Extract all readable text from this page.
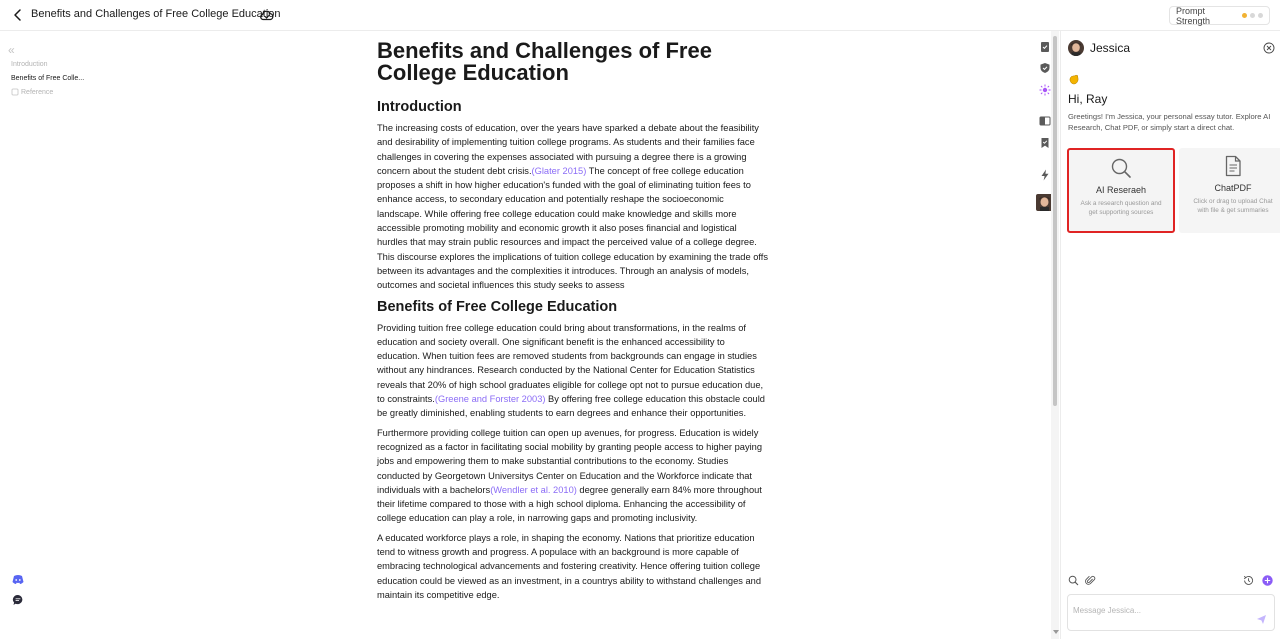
Benefits and Challenges of Free College Education	Prompt Strength
«
Introduction
Benefits of Free Colle...
Reference
Benefits and Challenges of Free College Education
Introduction
The increasing costs of education, over the years have sparked a debate about the feasibility and desirability of implementing tuition college programs. As students and their families face challenges in covering the expenses associated with pursuing a degree there is a growing concern about the student debt crisis.(Glater 2015) The concept of free college education proposes a shift in how higher education's funded with the goal of eliminating tuition fees to enhance access, to secondary education and potentially reshape the socioeconomic landscape. While offering free college education could make knowledge and skills more accessible promoting mobility and economic growth it also poses financial and logistical hurdles that may strain public resources and impact the perceived value of a college degree. This discourse explores the implications of tuition college education by examining the trade offs between its advantages and the complexities it introduces. Through an analysis of models, outcomes and societal influences this study seeks to assess
Benefits of Free College Education
Providing tuition free college education could bring about transformations, in the realms of education and society overall. One significant benefit is the enhanced accessibility to education. When tuition fees are removed students from backgrounds can engage in studies without any hindrances. Research conducted by the National Center for Education Statistics reveals that 20% of high school graduates eligible for college opt not to pursue education due, to constraints.(Greene and Forster 2003) By offering free college education this obstacle could be greatly diminished, enabling students to earn degrees and enhance their opportunities.
Furthermore providing college tuition can open up avenues, for progress. Education is widely recognized as a factor in facilitating social mobility by granting people access to higher paying jobs and empowering them to make substantial contributions to the economy. Studies conducted by Georgetown Universitys Center on Education and the Workforce indicate that individuals with a bachelors(Wendler et al. 2010) degree generally earn 84% more throughout their lifetime compared to those with a high school diploma. Enhancing the accessibility of college education can play a role, in narrowing gaps and promoting inclusivity.
A educated workforce plays a role, in shaping the economy. Nations that prioritize education tend to witness growth and progress. A populace with an background is more capable of embracing technological advancements and fostering creativity. Hence offering tuition college education could be viewed as an investment, in a countrys ability to withstand challenges and maintain its competitive edge.
Jessica
Hi, Ray
Greetings! I'm Jessica, your personal essay tutor. Explore AI Research, Chat PDF, or simply start a direct chat.
AI Reseraeh
Ask a research question and get supporting sources
ChatPDF
Click or drag to upload Chat with file & get summaries
Message Jessica...
